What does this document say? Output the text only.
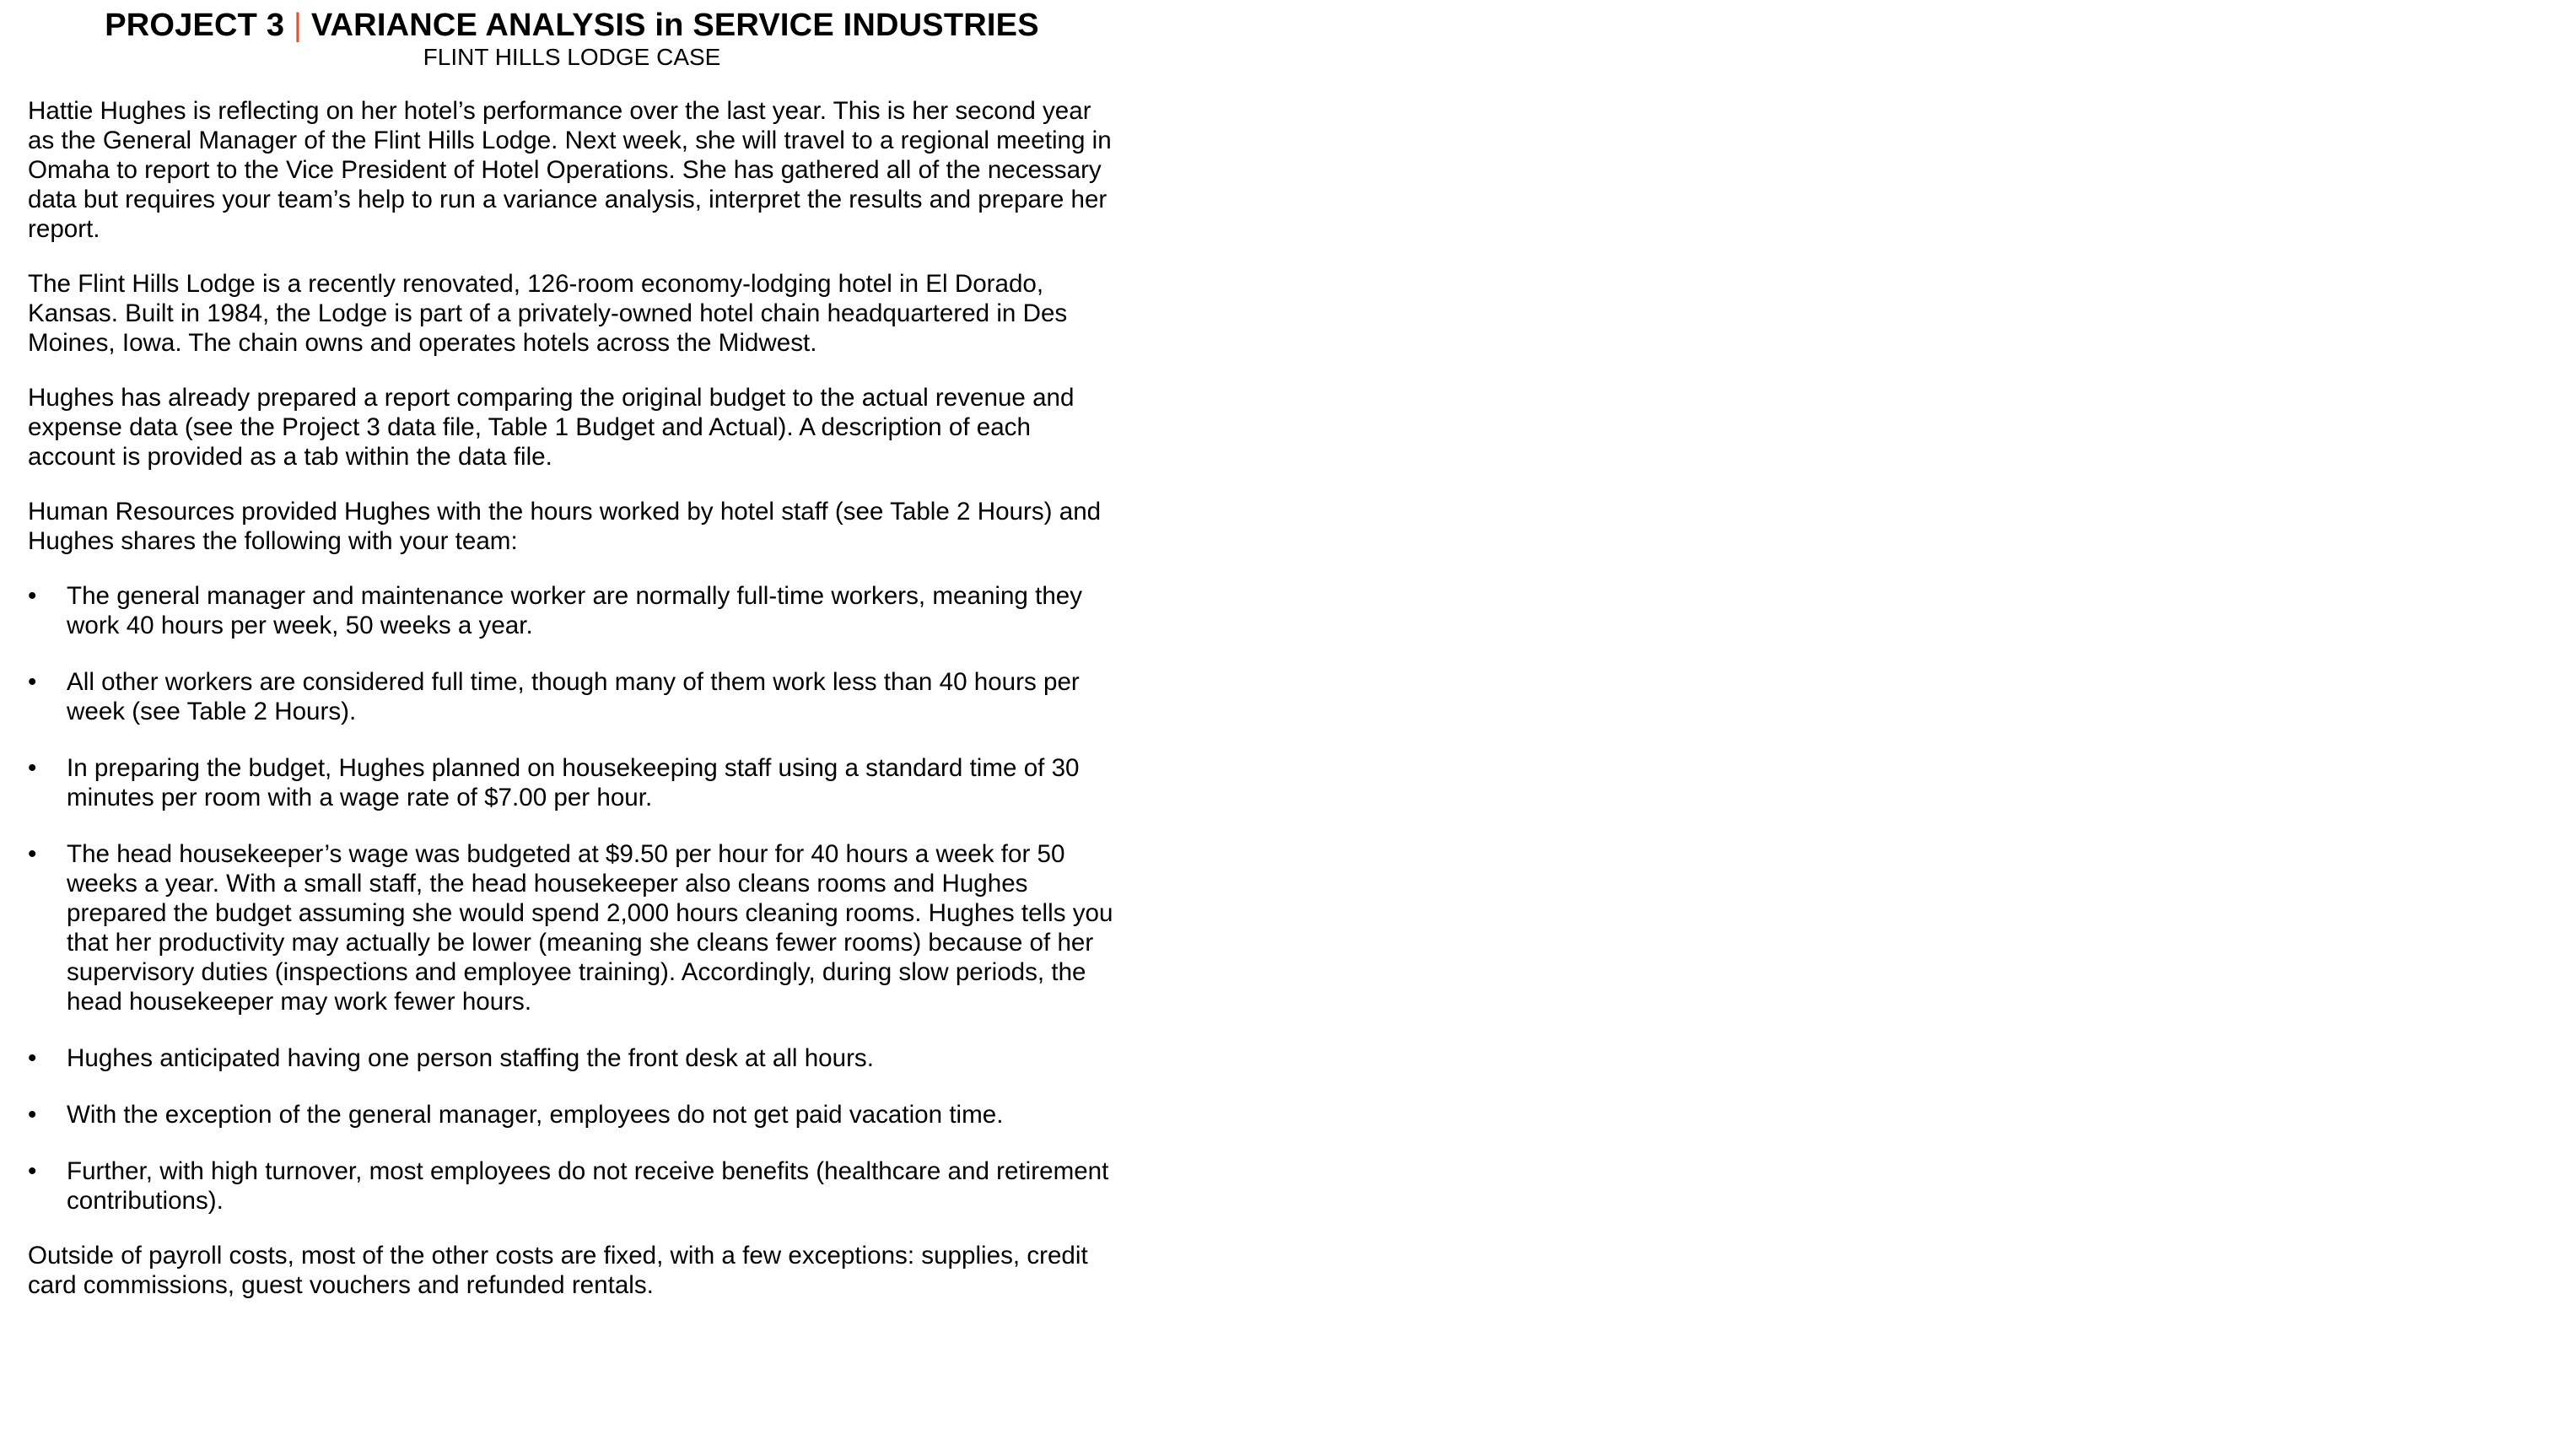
PROJECT 3 | VARIANCE ANALYSIS in SERVICE INDUSTRIES
FLINT HILLS LODGE CASE

Hattie Hughes is reflecting on her hotel’s performance over the last year. This is her second year as the General Manager of the Flint Hills Lodge. Next week, she will travel to a regional meeting in Omaha to report to the Vice President of Hotel Operations. She has gathered all of the necessary data but requires your team’s help to run a variance analysis, interpret the results and prepare her report.

The Flint Hills Lodge is a recently renovated, 126-room economy-lodging hotel in El Dorado, Kansas. Built in 1984, the Lodge is part of a privately-owned hotel chain headquartered in Des Moines, Iowa. The chain owns and operates hotels across the Midwest.

Hughes has already prepared a report comparing the original budget to the actual revenue and expense data (see the Project 3 data file, Table 1 Budget and Actual). A description of each account is provided as a tab within the data file.

Human Resources provided Hughes with the hours worked by hotel staff (see Table 2 Hours) and Hughes shares the following with your team:

•	The general manager and maintenance worker are normally full-time workers, meaning they work 40 hours per week, 50 weeks a year.
•	All other workers are considered full time, though many of them work less than 40 hours per week (see Table 2 Hours).
•	In preparing the budget, Hughes planned on housekeeping staff using a standard time of 30 minutes per room with a wage rate of $7.00 per hour.
•	The head housekeeper’s wage was budgeted at $9.50 per hour for 40 hours a week for 50 weeks a year. With a small staff, the head housekeeper also cleans rooms and Hughes prepared the budget assuming she would spend 2,000 hours cleaning rooms. Hughes tells you that her productivity may actually be lower (meaning she cleans fewer rooms) because of her supervisory duties (inspections and employee training). Accordingly, during slow periods, the head housekeeper may work fewer hours.
•	Hughes anticipated having one person staffing the front desk at all hours.
•	With the exception of the general manager, employees do not get paid vacation time.
•	Further, with high turnover, most employees do not receive benefits (healthcare and retirement contributions).

Outside of payroll costs, most of the other costs are fixed, with a few exceptions: supplies, credit card commissions, guest vouchers and refunded rentals.
